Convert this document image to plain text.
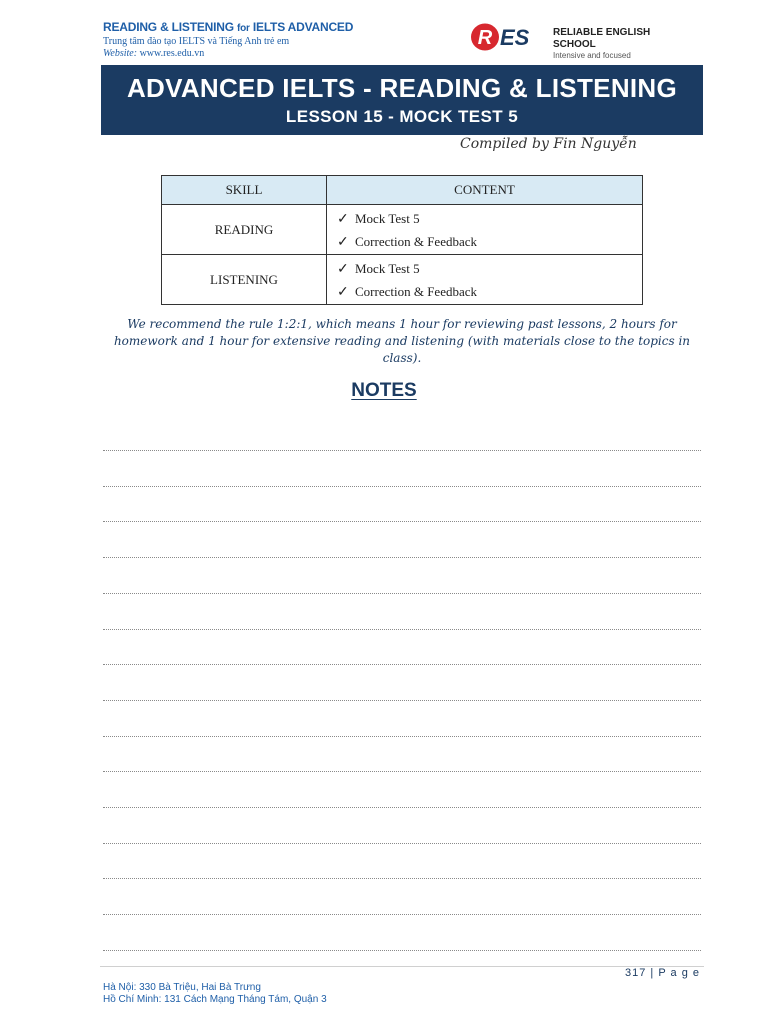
READING & LISTENING for IELTS ADVANCED
Trung tâm đào tạo IELTS và Tiếng Anh trẻ em
Website: www.res.edu.vn
R ES RELIABLE ENGLISH SCHOOL
Intensive and focused
ADVANCED IELTS - READING & LISTENING
LESSON 15 - MOCK TEST 5
Compiled by Fin Nguyễn
SKILL	CONTENT
READING	✓ Mock Test 5
✓ Correction & Feedback

LISTENING	✓ Mock Test 5
✓ Correction & Feedback
We recommend the rule 1:2:1, which means 1 hour for reviewing past lessons, 2 hours for homework and 1 hour for extensive reading and listening (with materials close to the topics in class).
NOTES
317 | P a g e
Hà Nội: 330 Bà Triệu, Hai Bà Trưng
Hồ Chí Minh: 131 Cách Mạng Tháng Tám, Quận 3
